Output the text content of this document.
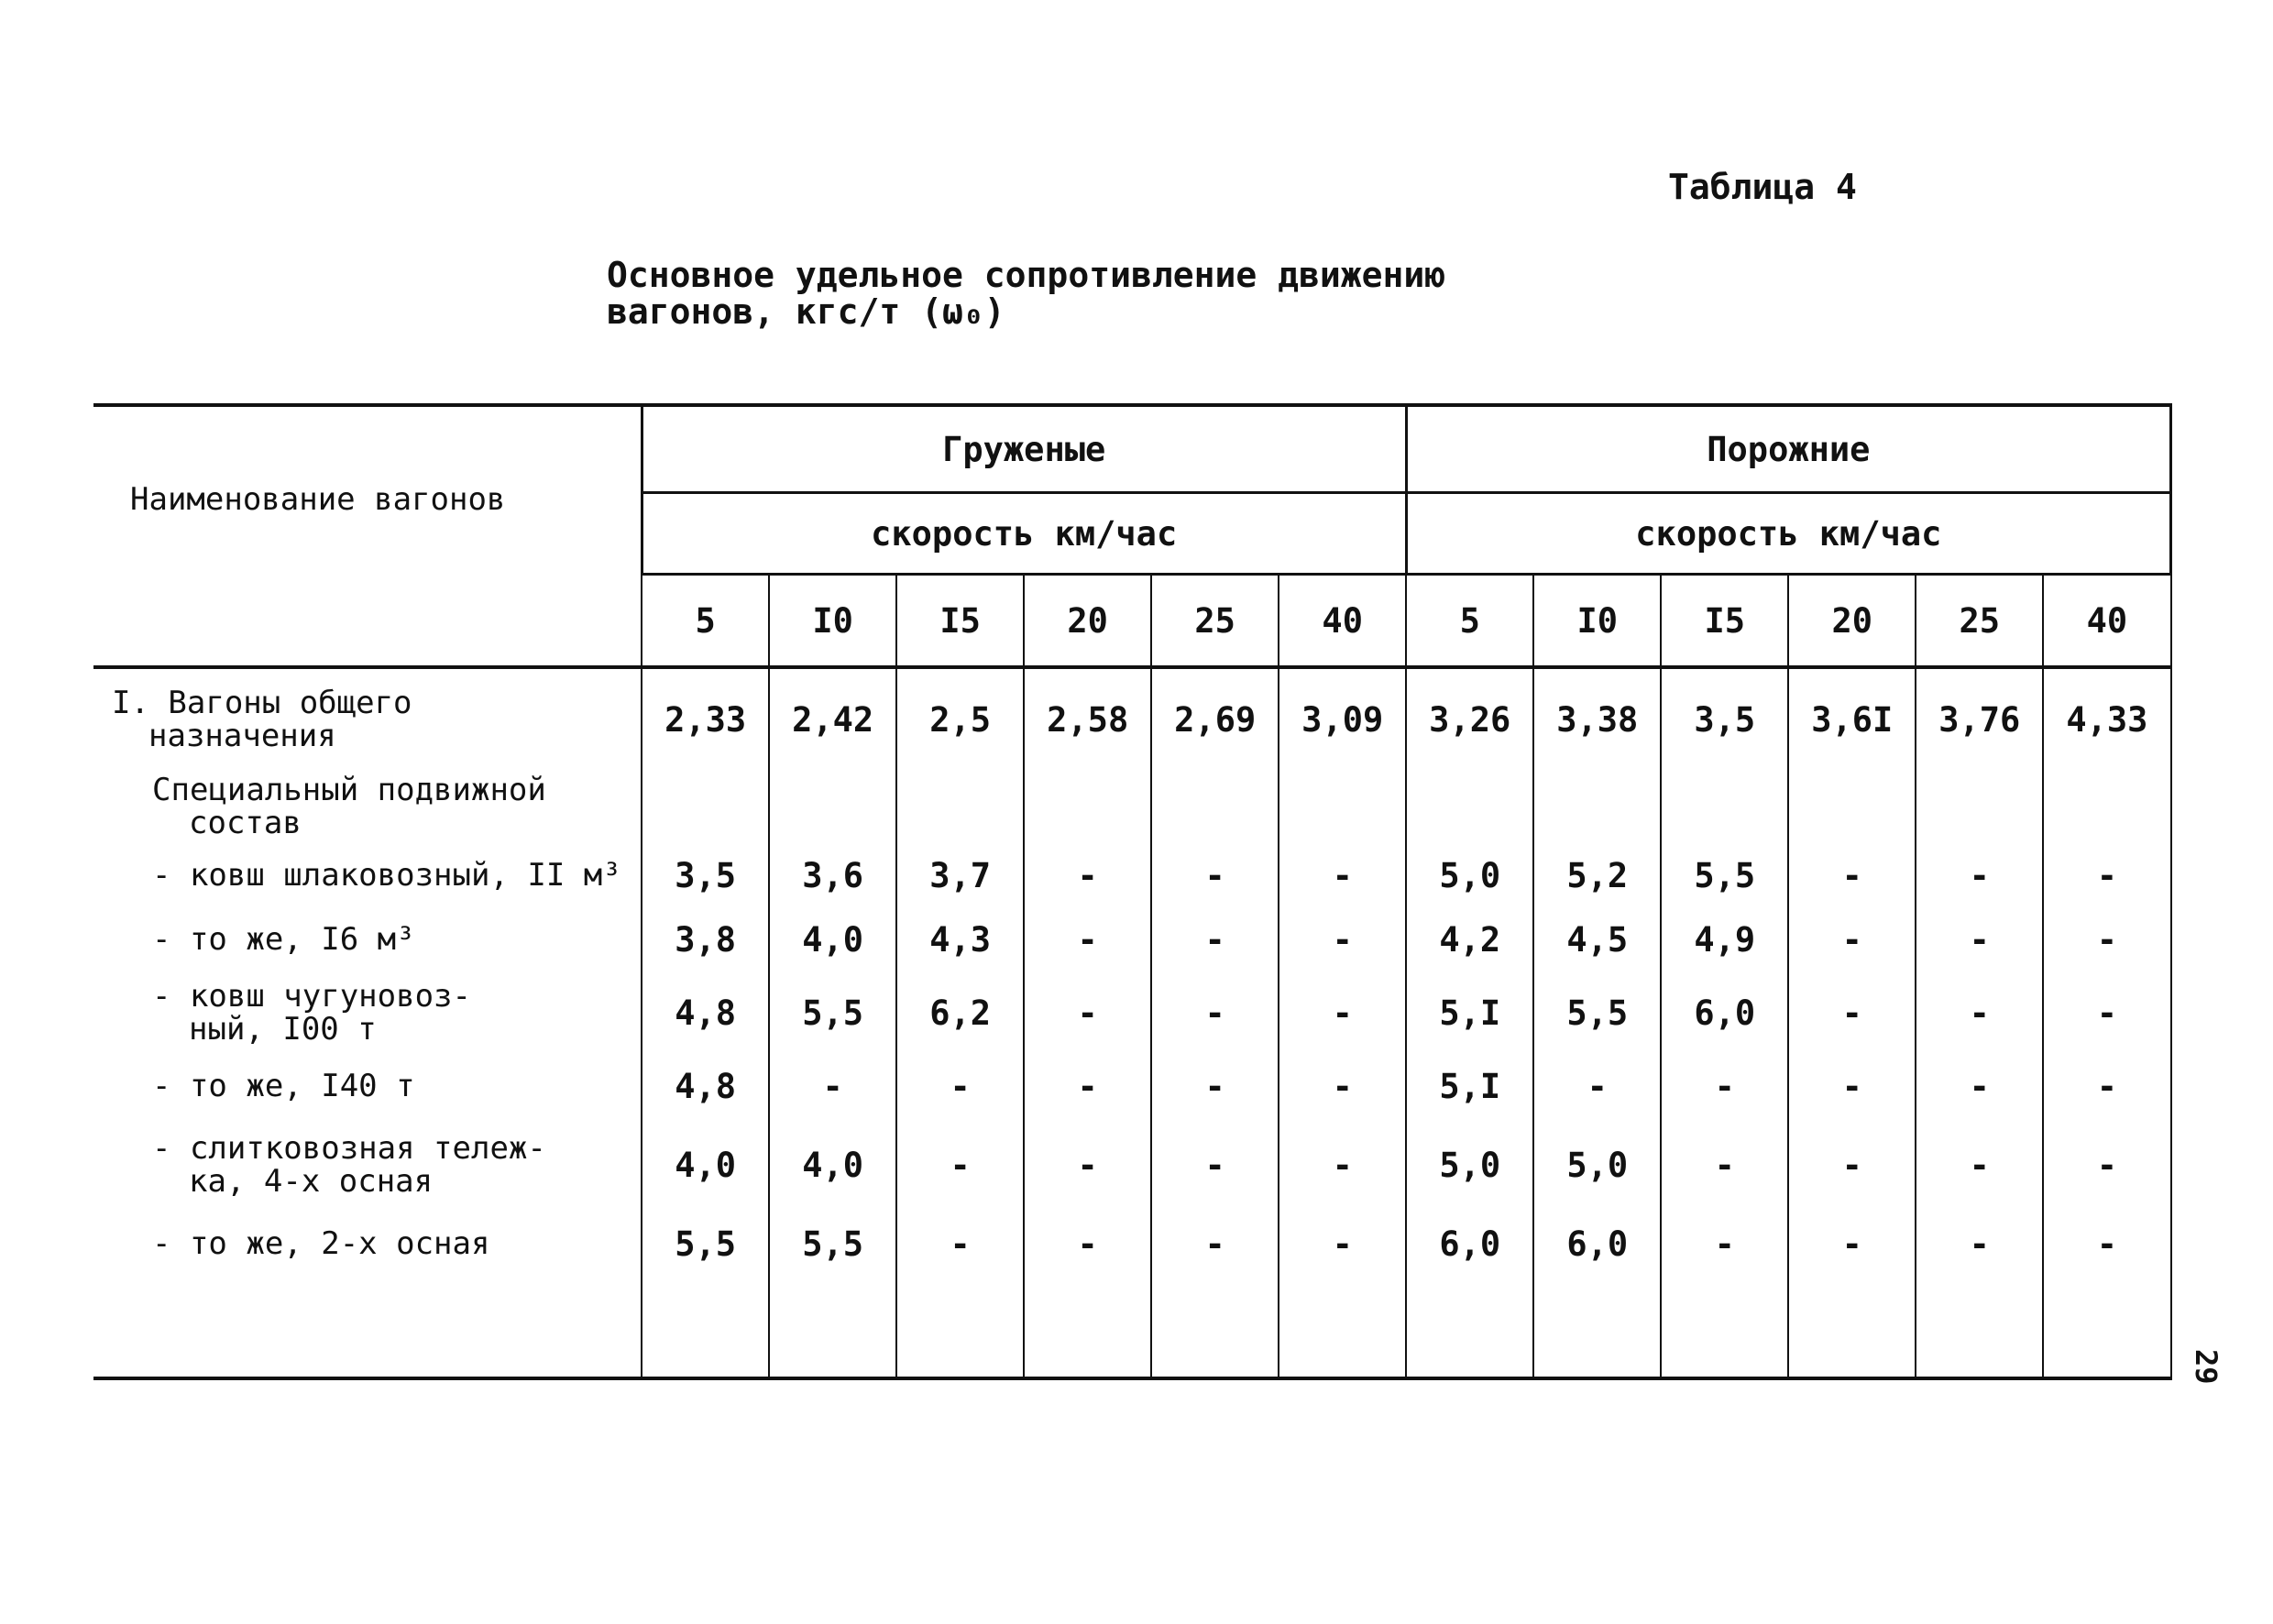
Таблица 4
Основное удельное сопротивление движению
вагонов, кгс/т (ω₀)
Наименование вагонов	Груженые						Порожние					
	скорость км/час						скорость км/час					
	5	I0	I5	20	25	40	5	I0	I5	20	25	40

I. Вагоны общего
назначения	2,33	2,42	2,5	2,58	2,69	3,09	3,26	3,38	3,5	3,6I	3,76	4,33

Специальный подвижной
состав												

- ковш шлаковозный, II м³	3,5	3,6	3,7	-	-	-	5,0	5,2	5,5	-	-	-

- то же, I6 м³	3,8	4,0	4,3	-	-	-	4,2	4,5	4,9	-	-	-

- ковш чугуновоз-
ный, I00 т	4,8	5,5	6,2	-	-	-	5,I	5,5	6,0	-	-	-

- то же, I40 т	4,8	-	-	-	-	-	5,I	-	-	-	-	-

- слитковозная тележ-
ка, 4-х осная	4,0	4,0	-	-	-	-	5,0	5,0	-	-	-	-

- то же, 2-х осная	5,5	5,5	-	-	-	-	6,0	6,0	-	-	-	-

29
